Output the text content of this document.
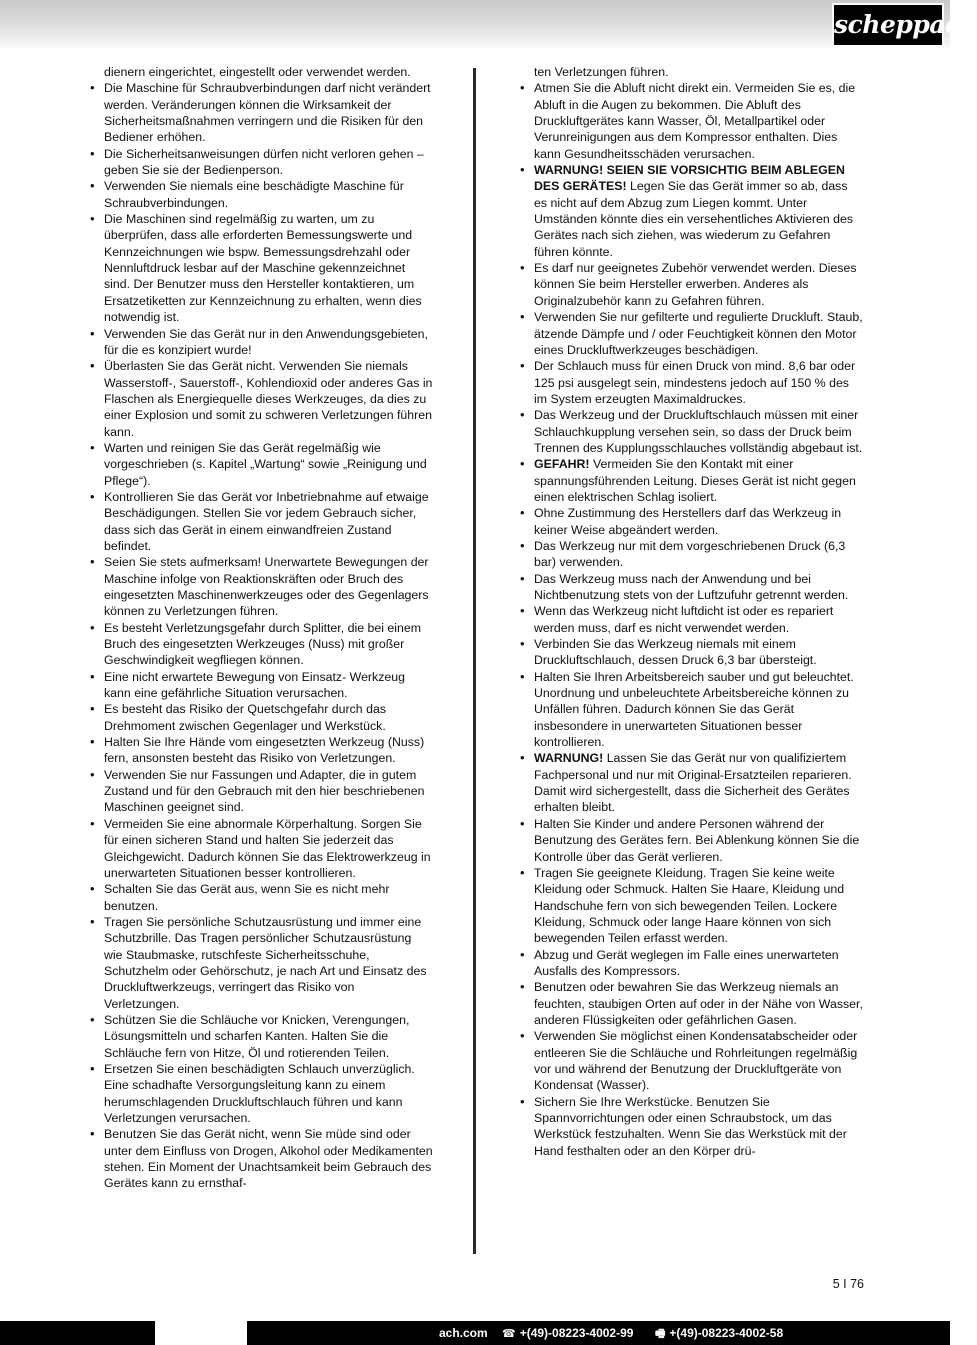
scheppach

dienern eingerichtet, eingestellt oder verwendet werden.

• Die Maschine für Schraubverbindungen darf nicht verändert werden. Veränderungen können die Wirksamkeit der Sicherheitsmaßnahmen verringern und die Risiken für den Bediener erhöhen.
• Die Sicherheitsanweisungen dürfen nicht verloren gehen – geben Sie sie der Bedienperson.
• Verwenden Sie niemals eine beschädigte Maschine für Schraubverbindungen.
• Die Maschinen sind regelmäßig zu warten, um zu überprüfen, dass alle erforderten Bemessungswerte und Kennzeichnungen wie bspw. Bemessungsdrehzahl oder Nennluftdruck lesbar auf der Maschine gekennzeichnet sind. Der Benutzer muss den Hersteller kontaktieren, um Ersatzetiketten zur Kennzeichnung zu erhalten, wenn dies notwendig ist.
• Verwenden Sie das Gerät nur in den Anwendungsgebieten, für die es konzipiert wurde!
• Überlasten Sie das Gerät nicht. Verwenden Sie niemals Wasserstoff-, Sauerstoff-, Kohlendioxid oder anderes Gas in Flaschen als Energiequelle dieses Werkzeuges, da dies zu einer Explosion und somit zu schweren Verletzungen führen kann.
• Warten und reinigen Sie das Gerät regelmäßig wie vorgeschrieben (s. Kapitel „Wartung“ sowie „Reinigung und Pflege“).
• Kontrollieren Sie das Gerät vor Inbetriebnahme auf etwaige Beschädigungen. Stellen Sie vor jedem Gebrauch sicher, dass sich das Gerät in einem einwandfreien Zustand befindet.
• Seien Sie stets aufmerksam! Unerwartete Bewegungen der Maschine infolge von Reaktionskräften oder Bruch des eingesetzten Maschinenwerkzeuges oder des Gegenlagers können zu Verletzungen führen.
• Es besteht Verletzungsgefahr durch Splitter, die bei einem Bruch des eingesetzten Werkzeuges (Nuss) mit großer Geschwindigkeit wegfliegen können.
• Eine nicht erwartete Bewegung von Einsatz- Werkzeug kann eine gefährliche Situation verursachen.
• Es besteht das Risiko der Quetschgefahr durch das Drehmoment zwischen Gegenlager und Werkstück.
• Halten Sie Ihre Hände vom eingesetzten Werkzeug (Nuss) fern, ansonsten besteht das Risiko von Verletzungen.
• Verwenden Sie nur Fassungen und Adapter, die in gutem Zustand und für den Gebrauch mit den hier beschriebenen Maschinen geeignet sind.
• Vermeiden Sie eine abnormale Körperhaltung. Sorgen Sie für einen sicheren Stand und halten Sie jederzeit das Gleichgewicht. Dadurch können Sie das Elektrowerkzeug in unerwarteten Situationen besser kontrollieren.
• Schalten Sie das Gerät aus, wenn Sie es nicht mehr benutzen.
• Tragen Sie persönliche Schutzausrüstung und immer eine Schutzbrille. Das Tragen persönlicher Schutzausrüstung wie Staubmaske, rutschfeste Sicherheitsschuhe, Schutzhelm oder Gehörschutz, je nach Art und Einsatz des Druckluftwerkzeugs, verringert das Risiko von Verletzungen.
• Schützen Sie die Schläuche vor Knicken, Verengungen, Lösungsmitteln und scharfen Kanten. Halten Sie die Schläuche fern von Hitze, Öl und rotierenden Teilen.
• Ersetzen Sie einen beschädigten Schlauch unverzüglich. Eine schadhafte Versorgungsleitung kann zu einem herumschlagenden Druckluftschlauch führen und kann Verletzungen verursachen.
• Benutzen Sie das Gerät nicht, wenn Sie müde sind oder unter dem Einfluss von Drogen, Alkohol oder Medikamenten stehen. Ein Moment der Unachtsamkeit beim Gebrauch des Gerätes kann zu ernsthaf-

ten Verletzungen führen.

• Atmen Sie die Abluft nicht direkt ein. Vermeiden Sie es, die Abluft in die Augen zu bekommen. Die Abluft des Druckluftgerätes kann Wasser, Öl, Metallpartikel oder Verunreinigungen aus dem Kompressor enthalten. Dies kann Gesundheitsschäden verursachen.
• WARNUNG! SEIEN SIE VORSICHTIG BEIM ABLEGEN DES GERÄTES! Legen Sie das Gerät immer so ab, dass es nicht auf dem Abzug zum Liegen kommt. Unter Umständen könnte dies ein versehentliches Aktivieren des Gerätes nach sich ziehen, was wiederum zu Gefahren führen könnte.
• Es darf nur geeignetes Zubehör verwendet werden. Dieses können Sie beim Hersteller erwerben. Anderes als Originalzubehör kann zu Gefahren führen.
• Verwenden Sie nur gefilterte und regulierte Druckluft. Staub, ätzende Dämpfe und / oder Feuchtigkeit können den Motor eines Druckluftwerkzeuges beschädigen.
• Der Schlauch muss für einen Druck von mind. 8,6 bar oder 125 psi ausgelegt sein, mindestens jedoch auf 150 % des im System erzeugten Maximaldruckes.
• Das Werkzeug und der Druckluftschlauch müssen mit einer Schlauchkupplung versehen sein, so dass der Druck beim Trennen des Kupplungsschlauches vollständig abgebaut ist.
• GEFAHR! Vermeiden Sie den Kontakt mit einer spannungsführenden Leitung. Dieses Gerät ist nicht gegen einen elektrischen Schlag isoliert.
• Ohne Zustimmung des Herstellers darf das Werkzeug in keiner Weise abgeändert werden.
• Das Werkzeug nur mit dem vorgeschriebenen Druck (6,3 bar) verwenden.
• Das Werkzeug muss nach der Anwendung und bei Nichtbenutzung stets von der Luftzufuhr getrennt werden.
• Wenn das Werkzeug nicht luftdicht ist oder es repariert werden muss, darf es nicht verwendet werden.
• Verbinden Sie das Werkzeug niemals mit einem Druckluftschlauch, dessen Druck 6,3 bar übersteigt.
• Halten Sie Ihren Arbeitsbereich sauber und gut beleuchtet. Unordnung und unbeleuchtete Arbeitsbereiche können zu Unfällen führen. Dadurch können Sie das Gerät insbesondere in unerwarteten Situationen besser kontrollieren.
• WARNUNG! Lassen Sie das Gerät nur von qualifiziertem Fachpersonal und nur mit Original-Ersatzteilen reparieren. Damit wird sichergestellt, dass die Sicherheit des Gerätes erhalten bleibt.
• Halten Sie Kinder und andere Personen während der Benutzung des Gerätes fern. Bei Ablenkung können Sie die Kontrolle über das Gerät verlieren.
• Tragen Sie geeignete Kleidung. Tragen Sie keine weite Kleidung oder Schmuck. Halten Sie Haare, Kleidung und Handschuhe fern von sich bewegenden Teilen. Lockere Kleidung, Schmuck oder lange Haare können von sich bewegenden Teilen erfasst werden.
• Abzug und Gerät weglegen im Falle eines unerwarteten Ausfalls des Kompressors.
• Benutzen oder bewahren Sie das Werkzeug niemals an feuchten, staubigen Orten auf oder in der Nähe von Wasser, anderen Flüssigkeiten oder gefährlichen Gasen.
• Verwenden Sie möglichst einen Kondensatabscheider oder entleeren Sie die Schläuche und Rohrleitungen regelmäßig vor und während der Benutzung der Druckluftgeräte von Kondensat (Wasser).
• Sichern Sie Ihre Werkstücke. Benutzen Sie Spannvorrichtungen oder einen Schraubstock, um das Werkstück festzuhalten. Wenn Sie das Werkstück mit der Hand festhalten oder an den Körper drü-
5 I 76
ach.com ☎ +(49)-08223-4002-99 🖷 +(49)-08223-4002-58
